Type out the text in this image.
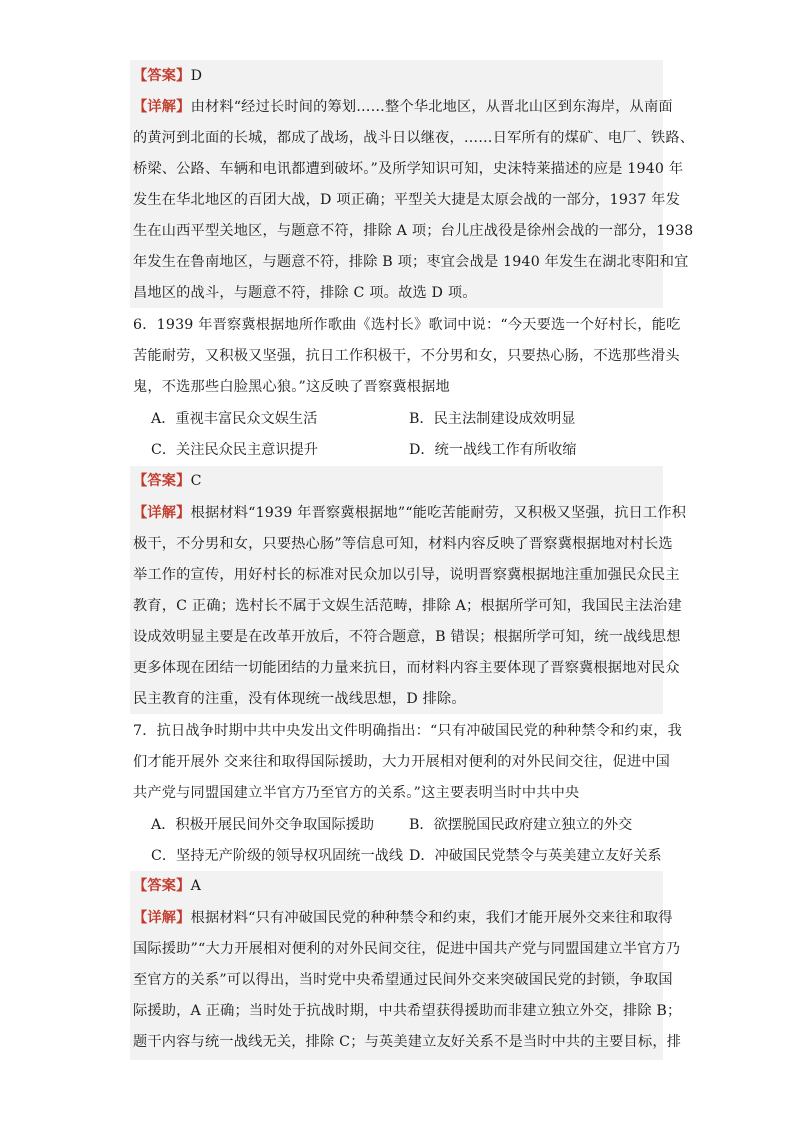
【答案】D
【详解】由材料“经过长时间的筹划……整个华北地区，从晋北山区到东海岸，从南面
的黄河到北面的长城，都成了战场，战斗日以继夜，……日军所有的煤矿、电厂、铁路、
桥梁、公路、车辆和电讯都遭到破坏。”及所学知识可知，史沫特莱描述的应是 1940 年
发生在华北地区的百团大战，D 项正确；平型关大捷是太原会战的一部分，1937 年发
生在山西平型关地区，与题意不符，排除 A 项；台儿庄战役是徐州会战的一部分，1938
年发生在鲁南地区，与题意不符，排除 B 项；枣宜会战是 1940 年发生在湖北枣阳和宜
昌地区的战斗，与题意不符，排除 C 项。故选 D 项。
6．1939 年晋察冀根据地所作歌曲《选村长》歌词中说：“今天要选一个好村长，能吃
苦能耐劳，又积极又坚强，抗日工作积极干，不分男和女，只要热心肠，不选那些滑头
鬼，不选那些白脸黑心狼。”这反映了晋察冀根据地
A．重视丰富民众文娱生活	B．民主法制建设成效明显
C．关注民众民主意识提升	D．统一战线工作有所收缩
【答案】C
【详解】根据材料“1939 年晋察冀根据地”“能吃苦能耐劳，又积极又坚强，抗日工作积
极干，不分男和女，只要热心肠”等信息可知，材料内容反映了晋察冀根据地对村长选
举工作的宣传，用好村长的标准对民众加以引导，说明晋察冀根据地注重加强民众民主
教育，C 正确；选村长不属于文娱生活范畴，排除 A；根据所学可知，我国民主法治建
设成效明显主要是在改革开放后，不符合题意，B 错误；根据所学可知，统一战线思想
更多体现在团结一切能团结的力量来抗日，而材料内容主要体现了晋察冀根据地对民众
民主教育的注重，没有体现统一战线思想，D 排除。
7．抗日战争时期中共中央发出文件明确指出：“只有冲破国民党的种种禁令和约束，我
们才能开展外 交来往和取得国际援助，大力开展相对便利的对外民间交往，促进中国
共产党与同盟国建立半官方乃至官方的关系。”这主要表明当时中共中央
A．积极开展民间外交争取国际援助 B．欲摆脱国民政府建立独立的外交
C．坚持无产阶级的领导权巩固统一战线 D．冲破国民党禁令与英美建立友好关系
【答案】A
【详解】根据材料“只有冲破国民党的种种禁令和约束，我们才能开展外交来往和取得
国际援助”“大力开展相对便利的对外民间交往，促进中国共产党与同盟国建立半官方乃
至官方的关系”可以得出，当时党中央希望通过民间外交来突破国民党的封锁，争取国
际援助，A 正确；当时处于抗战时期，中共希望获得援助而非建立独立外交，排除 B；
题干内容与统一战线无关，排除 C；与英美建立友好关系不是当时中共的主要目标，排
